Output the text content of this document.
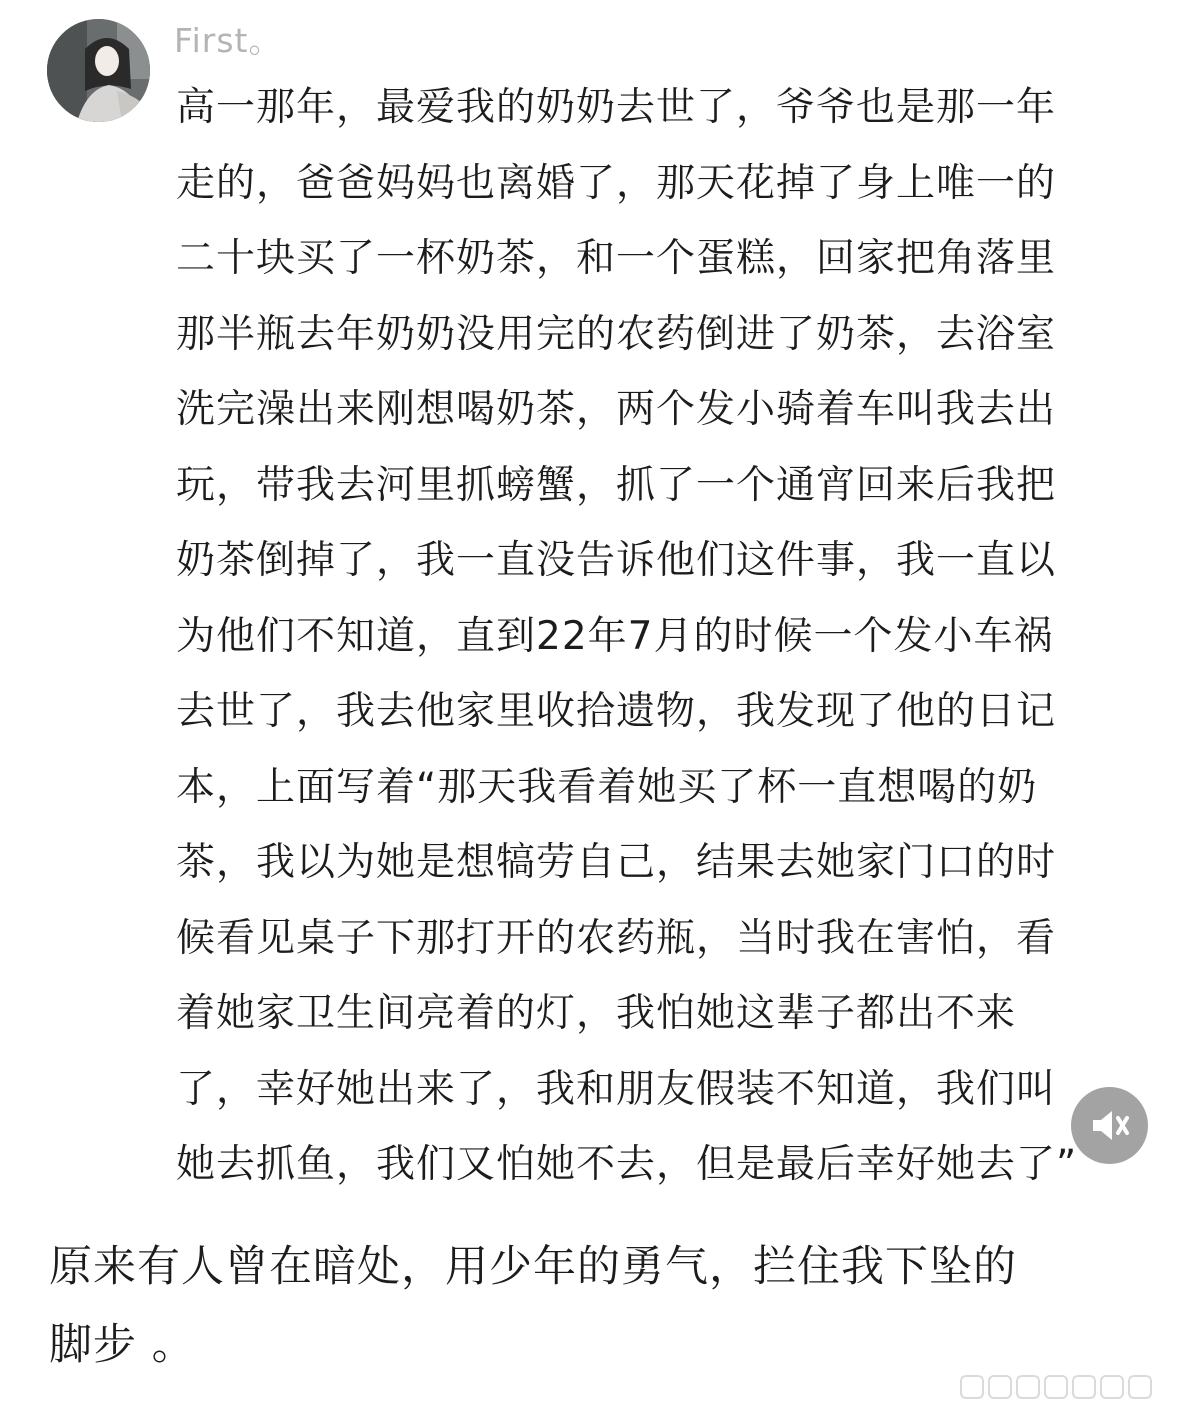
First。
高一那年，最爱我的奶奶去世了，爷爷也是那一年
走的，爸爸妈妈也离婚了，那天花掉了身上唯一的
二十块买了一杯奶茶，和一个蛋糕，回家把角落里
那半瓶去年奶奶没用完的农药倒进了奶茶，去浴室
洗完澡出来刚想喝奶茶，两个发小骑着车叫我去出
玩，带我去河里抓螃蟹，抓了一个通宵回来后我把
奶茶倒掉了，我一直没告诉他们这件事，我一直以
为他们不知道，直到22年7月的时候一个发小车祸
去世了，我去他家里收拾遗物，我发现了他的日记
本，上面写着“那天我看着她买了杯一直想喝的奶
茶，我以为她是想犒劳自己，结果去她家门口的时
候看见桌子下那打开的农药瓶，当时我在害怕，看
着她家卫生间亮着的灯，我怕她这辈子都出不来
了，幸好她出来了，我和朋友假装不知道，我们叫
她去抓鱼，我们又怕她不去，但是最后幸好她去了”
原来有人曾在暗处，用少年的勇气，拦住我下坠的
脚步 。
